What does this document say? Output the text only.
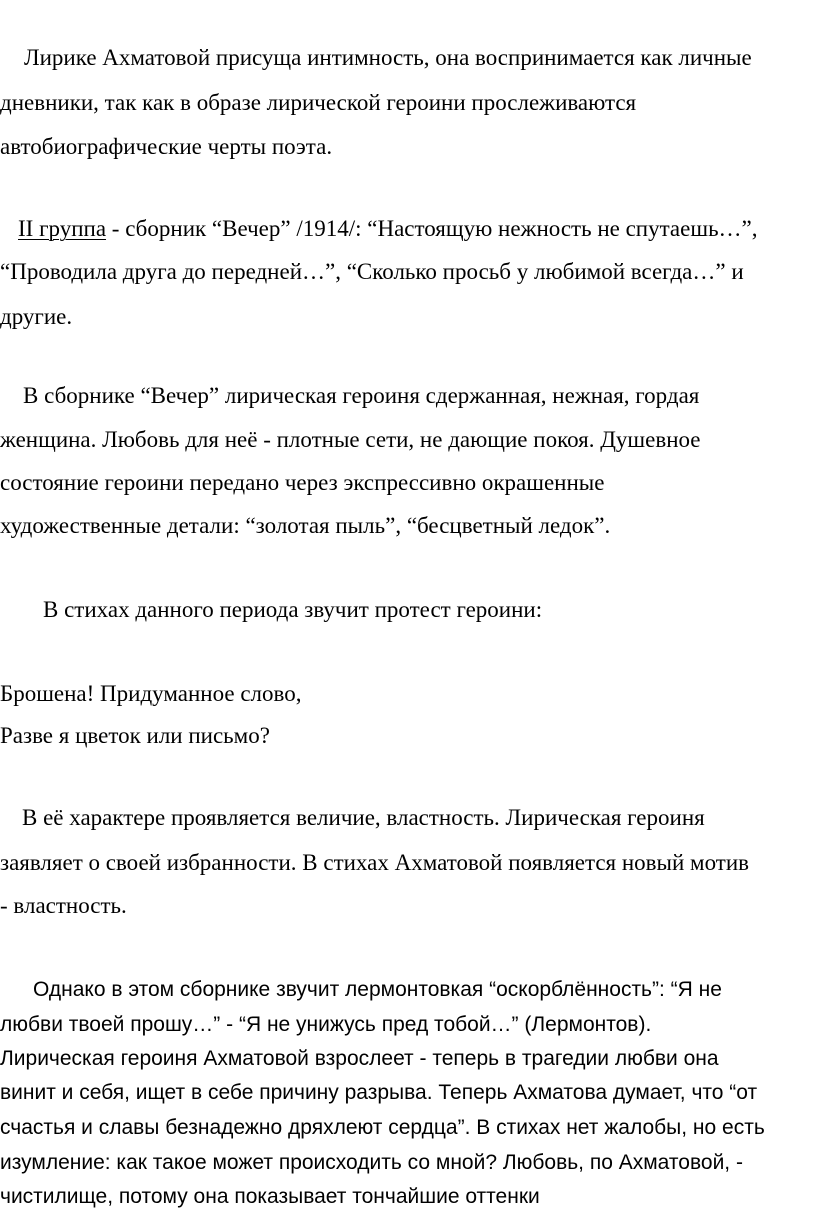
Лирике Ахматовой присуща интимность, она воспринимается как личные
дневники, так как в образе лирической героини прослеживаются
автобиографические черты поэта.
II группа - сборник “Вечер” /1914/: “Настоящую нежность не спутаешь…”,
“Проводила друга до передней…”, “Сколько просьб у любимой всегда…” и
другие.
В сборнике “Вечер” лирическая героиня сдержанная, нежная, гордая
женщина. Любовь для неё - плотные сети, не дающие покоя. Душевное
состояние героини передано через экспрессивно окрашенные
художественные детали: “золотая пыль”, “бесцветный ледок”.
В стихах данного периода звучит протест героини:
Брошена! Придуманное слово,
Разве я цветок или письмо?
В её характере проявляется величие, властность. Лирическая героиня
заявляет о своей избранности. В стихах Ахматовой появляется новый мотив
- властность.
Однако в этом сборнике звучит лермонтовкая “оскорблённость”: “Я не
любви твоей прошу…” - “Я не унижусь пред тобой…” (Лермонтов).
Лирическая героиня Ахматовой взрослеет - теперь в трагедии любви она
винит и себя, ищет в себе причину разрыва. Теперь Ахматова думает, что “от
счастья и славы безнадежно дряхлеют сердца”. В стихах нет жалобы, но есть
изумление: как такое может происходить со мной? Любовь, по Ахматовой, -
чистилище, потому она показывает тончайшие оттенки
